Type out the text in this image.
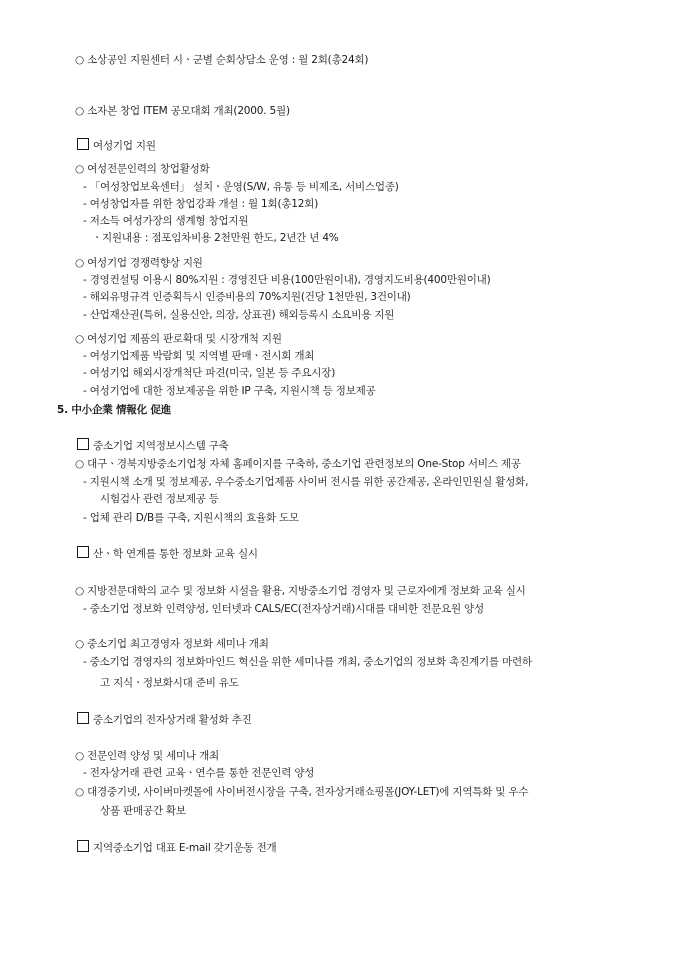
○ 소상공인 지원센터 시ㆍ군별 순회상담소 운영 : 월 2회(총24회)
○ 소자본 창업 ITEM 공모대회 개최(2000. 5월)
여성기업 지원
○ 여성전문인력의 창업활성화
- 「여성창업보육센터」 설치ㆍ운영(S/W, 유통 등 비제조, 서비스업종)
- 여성창업자를 위한 창업강좌 개설 : 월 1회(총12회)
- 저소득 여성가장의 생계형 창업지원
ㆍ지원내용 : 점포임차비용 2천만원 한도, 2년간 년 4%
○ 여성기업 경쟁력향상 지원
- 경영컨설팅 이용시 80%지원 : 경영진단 비용(100만원이내), 경영지도비용(400만원이내)
- 해외유명규격 인증획득시 인증비용의 70%지원(건당 1천만원, 3건이내)
- 산업재산권(특허, 실용신안, 의장, 상표권) 해외등록시 소요비용 지원
○ 여성기업 제품의 판로확대 및 시장개척 지원
- 여성기업제품 박람회 및 지역별 판매ㆍ전시회 개최
- 여성기업 해외시장개척단 파견(미국, 일본 등 주요시장)
- 여성기업에 대한 정보제공을 위한 IP 구축, 지원시책 등 정보제공
5. 中小企業 情報化 促進
중소기업 지역정보시스템 구축
○ 대구ㆍ경북지방중소기업청 자체 홈페이지를 구축하, 중소기업 관련정보의 One-Stop 서비스 제공
- 지원시책 소개 및 정보제공, 우수중소기업제품 사이버 전시를 위한 공간제공, 온라인민원실 활성화,
시험검사 관련 정보제공 등
- 업체 관리 D/B를 구축, 지원시책의 효율화 도모
산ㆍ학 연계를 통한 정보화 교육 실시
○ 지방전문대학의 교수 및 정보화 시설을 활용, 지방중소기업 경영자 및 근로자에게 정보화 교육 실시
- 중소기업 정보화 인력양성, 인터넷과 CALS/EC(전자상거래)시대를 대비한 전문요원 양성
○ 중소기업 최고경영자 정보화 세미나 개최
- 중소기업 경영자의 정보화마인드 혁신을 위한 세미나를 개최, 중소기업의 정보화 촉진계기를 마련하
고 지식ㆍ정보화시대 준비 유도
중소기업의 전자상거래 활성화 추진
○ 전문인력 양성 및 세미나 개최
- 전자상거래 관련 교육ㆍ연수를 통한 전문인력 양성
○ 대경중기넷, 사이버마켓몰에 사이버전시장을 구축, 전자상거래쇼핑몰(JOY-LET)에 지역특화 및 우수
상품 판매공간 확보
지역중소기업 대표 E-mail 갖기운동 전개
